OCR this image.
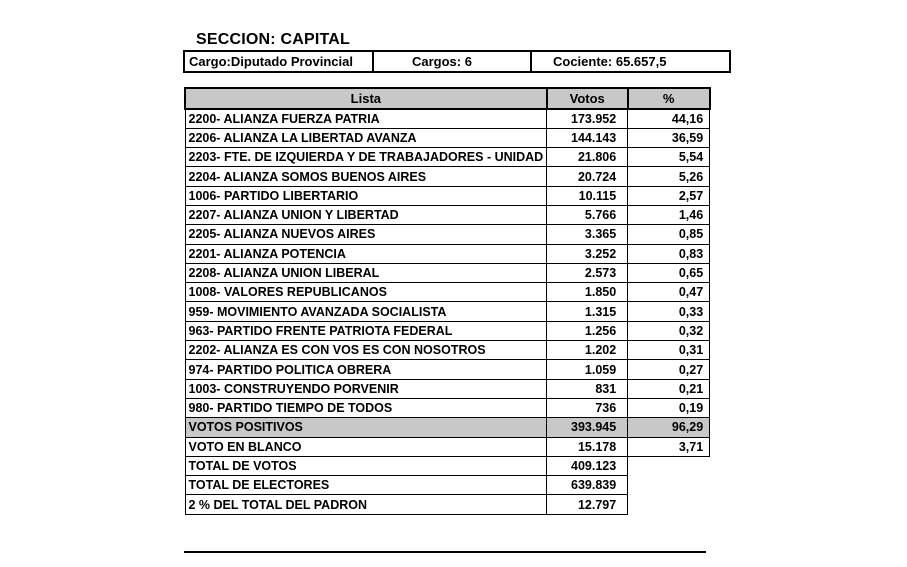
SECCION: CAPITAL
Cargo:Diputado Provincial	Cargos: 6	Cociente: 65.657,5
Lista	Votos	%
2200- ALIANZA FUERZA PATRIA	173.952	44,16
2206- ALIANZA LA LIBERTAD AVANZA	144.143	36,59
2203- FTE. DE IZQUIERDA Y DE TRABAJADORES - UNIDAD	21.806	5,54
2204- ALIANZA SOMOS BUENOS AIRES	20.724	5,26
1006- PARTIDO LIBERTARIO	10.115	2,57
2207- ALIANZA UNION Y LIBERTAD	5.766	1,46
2205- ALIANZA NUEVOS AIRES	3.365	0,85
2201- ALIANZA POTENCIA	3.252	0,83
2208- ALIANZA UNION LIBERAL	2.573	0,65
1008- VALORES REPUBLICANOS	1.850	0,47
959- MOVIMIENTO AVANZADA SOCIALISTA	1.315	0,33
963- PARTIDO FRENTE PATRIOTA FEDERAL	1.256	0,32
2202- ALIANZA ES CON VOS ES CON NOSOTROS	1.202	0,31
974- PARTIDO POLITICA OBRERA	1.059	0,27
1003- CONSTRUYENDO PORVENIR	831	0,21
980- PARTIDO TIEMPO DE TODOS	736	0,19
VOTOS POSITIVOS	393.945	96,29
VOTO EN BLANCO	15.178	3,71
TOTAL DE VOTOS	409.123	
TOTAL DE ELECTORES	639.839	
2 % DEL TOTAL DEL PADRON	12.797	
